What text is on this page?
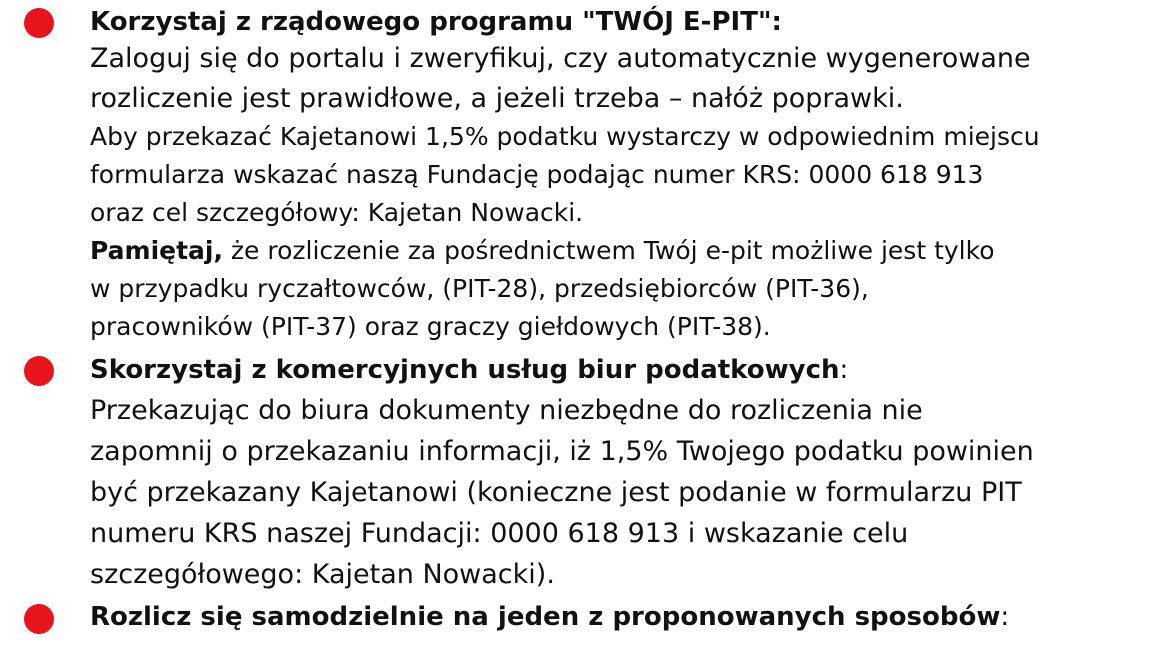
Korzystaj z rządowego programu "TWÓJ E-PIT":
Zaloguj się do portalu i zweryfikuj, czy automatycznie wygenerowane
rozliczenie jest prawidłowe, a jeżeli trzeba – nałóż poprawki.
Aby przekazać Kajetanowi 1,5% podatku wystarczy w odpowiednim miejscu
formularza wskazać naszą Fundację podając numer KRS: 0000 618 913
oraz cel szczegółowy: Kajetan Nowacki.
Pamiętaj, że rozliczenie za pośrednictwem Twój e-pit możliwe jest tylko
w przypadku ryczałtowców, (PIT-28), przedsiębiorców (PIT-36),
pracowników (PIT-37) oraz graczy giełdowych (PIT-38).
Skorzystaj z komercyjnych usług biur podatkowych:
Przekazując do biura dokumenty niezbędne do rozliczenia nie
zapomnij o przekazaniu informacji, iż 1,5% Twojego podatku powinien
być przekazany Kajetanowi (konieczne jest podanie w formularzu PIT
numeru KRS naszej Fundacji: 0000 618 913 i wskazanie celu
szczegółowego: Kajetan Nowacki).
Rozlicz się samodzielnie na jeden z proponowanych sposobów:
